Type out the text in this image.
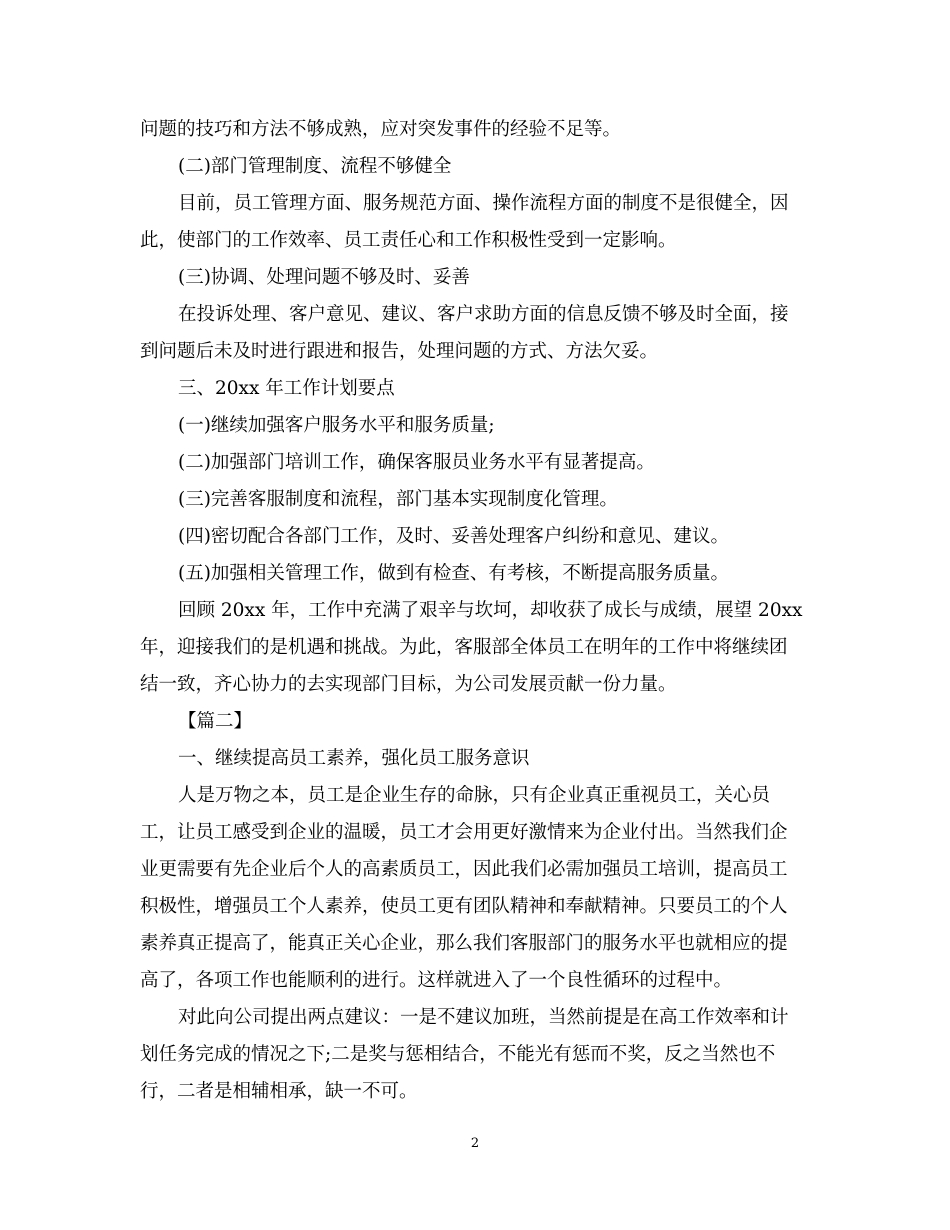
问题的技巧和方法不够成熟，应对突发事件的经验不足等。
(二)部门管理制度、流程不够健全
目前，员工管理方面、服务规范方面、操作流程方面的制度不是很健全，因
此，使部门的工作效率、员工责任心和工作积极性受到一定影响。
(三)协调、处理问题不够及时、妥善
在投诉处理、客户意见、建议、客户求助方面的信息反馈不够及时全面，接
到问题后未及时进行跟进和报告，处理问题的方式、方法欠妥。
三、20xx 年工作计划要点
(一)继续加强客户服务水平和服务质量;
(二)加强部门培训工作，确保客服员业务水平有显著提高。
(三)完善客服制度和流程，部门基本实现制度化管理。
(四)密切配合各部门工作，及时、妥善处理客户纠纷和意见、建议。
(五)加强相关管理工作，做到有检查、有考核，不断提高服务质量。
回顾 20xx 年，工作中充满了艰辛与坎坷，却收获了成长与成绩，展望 20xx
年，迎接我们的是机遇和挑战。为此，客服部全体员工在明年的工作中将继续团
结一致，齐心协力的去实现部门目标，为公司发展贡献一份力量。
【篇二】
一、继续提高员工素养，强化员工服务意识
人是万物之本，员工是企业生存的命脉，只有企业真正重视员工，关心员
工，让员工感受到企业的温暖，员工才会用更好激情来为企业付出。当然我们企
业更需要有先企业后个人的高素质员工，因此我们必需加强员工培训，提高员工
积极性，增强员工个人素养，使员工更有团队精神和奉献精神。只要员工的个人
素养真正提高了，能真正关心企业，那么我们客服部门的服务水平也就相应的提
高了，各项工作也能顺利的进行。这样就进入了一个良性循环的过程中。
对此向公司提出两点建议：一是不建议加班，当然前提是在高工作效率和计
划任务完成的情况之下;二是奖与惩相结合，不能光有惩而不奖，反之当然也不
行，二者是相辅相承，缺一不可。
2
